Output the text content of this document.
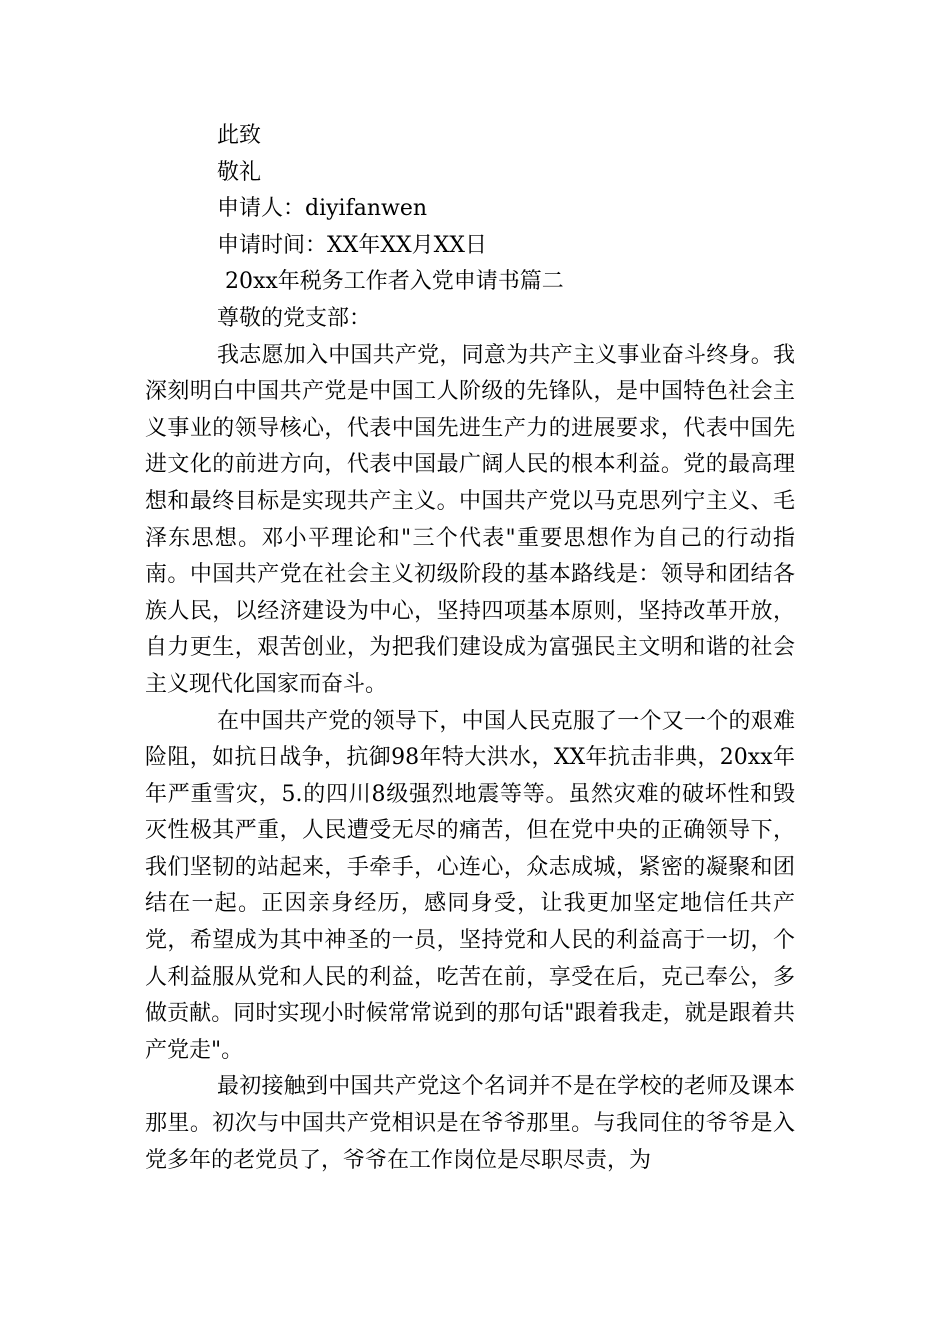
此致

敬礼

申请人：diyifanwen

申请时间：XX年XX月XX日

20xx年税务工作者入党申请书篇二

尊敬的党支部：

我志愿加入中国共产党，同意为共产主义事业奋斗终身。我深刻明白中国共产党是中国工人阶级的先锋队，是中国特色社会主义事业的领导核心，代表中国先进生产力的进展要求，代表中国先进文化的前进方向，代表中国最广阔人民的根本利益。党的最高理想和最终目标是实现共产主义。中国共产党以马克思列宁主义、毛泽东思想。邓小平理论和"三个代表"重要思想作为自己的行动指南。中国共产党在社会主义初级阶段的基本路线是：领导和团结各族人民，以经济建设为中心，坚持四项基本原则，坚持改革开放，自力更生，艰苦创业，为把我们建设成为富强民主文明和谐的社会主义现代化国家而奋斗。

在中国共产党的领导下，中国人民克服了一个又一个的艰难险阻，如抗日战争，抗御98年特大洪水，XX年抗击非典，20xx年年严重雪灾，5.的四川8级强烈地震等等。虽然灾难的破坏性和毁灭性极其严重，人民遭受无尽的痛苦，但在党中央的正确领导下，我们坚韧的站起来，手牵手，心连心，众志成城，紧密的凝聚和团结在一起。正因亲身经历，感同身受，让我更加坚定地信任共产党，希望成为其中神圣的一员，坚持党和人民的利益高于一切，个人利益服从党和人民的利益，吃苦在前，享受在后，克己奉公，多做贡献。同时实现小时候常常说到的那句话"跟着我走，就是跟着共产党走"。

最初接触到中国共产党这个名词并不是在学校的老师及课本那里。初次与中国共产党相识是在爷爷那里。与我同住的爷爷是入党多年的老党员了，爷爷在工作岗位是尽职尽责，为
